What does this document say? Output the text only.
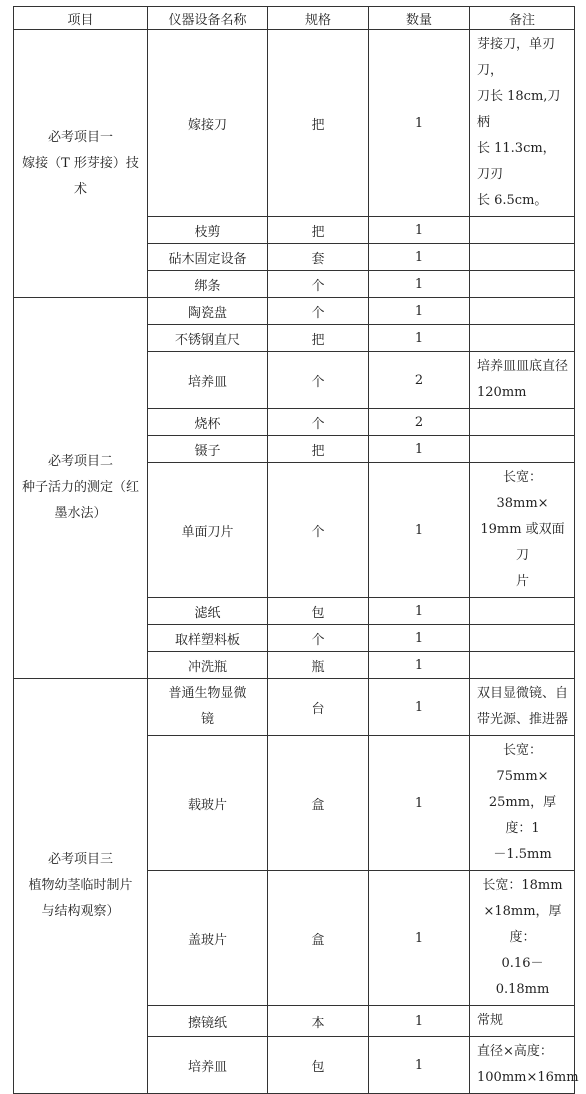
项目	仪器设备名称	规格	数量	备注

必考项目一
嫁接（T 形芽接）技
术	嫁接刀	把	1	芽接刀，单刃刀，
刀长 18cm,刀柄
长 11.3cm，刀刃
长 6.5cm。

	枝剪	把	1	
	砧木固定设备	套	1	
	绑条	个	1	

必考项目二
种子活力的测定（红
墨水法）	陶瓷盘	个	1	
	不锈钢直尺	把	1	
	培养皿	个	2	培养皿皿底直径
120mm

	烧杯	个	2	
	镊子	把	1	
	单面刀片	个	1	长宽：38mm×
19mm 或双面刀
片

	滤纸	包	1	
	取样塑料板	个	1	
	冲洗瓶	瓶	1	

必考项目三
植物幼茎临时制片
与结构观察）	普通生物显微
镜	台	1	双目显微镜、自
带光源、推进器

	载玻片	盒	1	长宽：75mm×
25mm，厚度：1
－1.5mm

	盖玻片	盒	1	长宽：18mm
×18mm，厚度：
0.16－0.18mm

	擦镜纸	本	1	常规

	培养皿	包	1	直径×高度：
100mm×16mm
